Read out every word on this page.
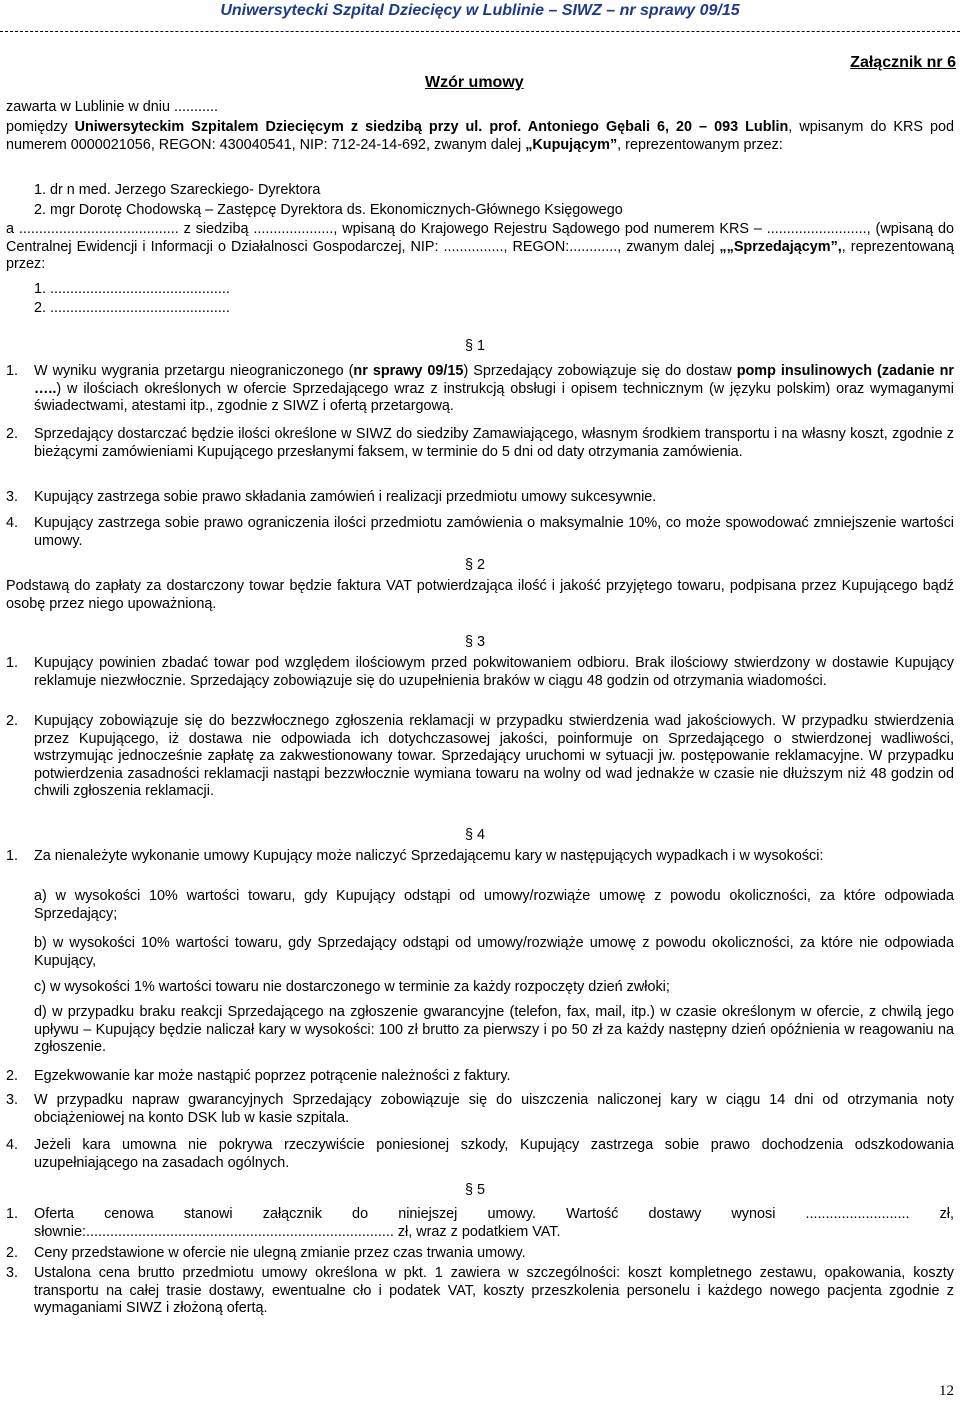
Uniwersytecki Szpital Dziecięcy w Lublinie – SIWZ – nr sprawy 09/15
Załącznik nr 6
Wzór umowy

zawarta w Lublinie w dniu ...........

pomiędzy Uniwersyteckim Szpitalem Dziecięcym z siedzibą przy ul. prof. Antoniego Gębali 6, 20 – 093 Lublin, wpisanym do KRS pod numerem 0000021056, REGON: 430040541, NIP: 712-24-14-692, zwanym dalej „Kupującym”, reprezentowanym przez:

1. dr n med. Jerzego Szareckiego- Dyrektora

2. mgr Dorotę Chodowską – Zastępcę Dyrektora ds. Ekonomicznych-Głównego Księgowego

a ........................................ z siedzibą ...................., wpisaną do Krajowego Rejestru Sądowego pod numerem KRS – ........................., (wpisaną do Centralnej Ewidencji i Informacji o Działalnosci Gospodarczej, NIP: ..............., REGON:............, zwanym dalej „„Sprzedającym”,, reprezentowaną przez:

1. .............................................

2. .............................................

§ 1
1. W wyniku wygrania przetargu nieograniczonego (nr sprawy 09/15) Sprzedający zobowiązuje się do dostaw pomp insulinowych (zadanie nr …..) w ilościach określonych w ofercie Sprzedającego wraz z instrukcją obsługi i opisem technicznym (w języku polskim) oraz wymaganymi świadectwami, atestami itp., zgodnie z SIWZ i ofertą przetargową.

2. Sprzedający dostarczać będzie ilości określone w SIWZ do siedziby Zamawiającego, własnym środkiem transportu i na własny koszt, zgodnie z bieżącymi zamówieniami Kupującego przesłanymi faksem, w terminie do 5 dni od daty otrzymania zamówienia.

3. Kupujący zastrzega sobie prawo składania zamówień i realizacji przedmiotu umowy sukcesywnie.

4. Kupujący zastrzega sobie prawo ograniczenia ilości przedmiotu zamówienia o maksymalnie 10%, co może spowodować zmniejszenie wartości umowy.

§ 2

Podstawą do zapłaty za dostarczony towar będzie faktura VAT potwierdzająca ilość i jakość przyjętego towaru, podpisana przez Kupującego bądź osobę przez niego upoważnioną.

§ 3
1. Kupujący powinien zbadać towar pod względem ilościowym przed pokwitowaniem odbioru. Brak ilościowy stwierdzony w dostawie Kupujący reklamuje niezwłocznie. Sprzedający zobowiązuje się do uzupełnienia braków w ciągu 48 godzin od otrzymania wiadomości.

2. Kupujący zobowiązuje się do bezzwłocznego zgłoszenia reklamacji w przypadku stwierdzenia wad jakościowych. W przypadku stwierdzenia przez Kupującego, iż dostawa nie odpowiada ich dotychczasowej jakości, poinformuje on Sprzedającego o stwierdzonej wadliwości, wstrzymując jednocześnie zapłatę za zakwestionowany towar. Sprzedający uruchomi w sytuacji jw. postępowanie reklamacyjne. W przypadku potwierdzenia zasadności reklamacji nastąpi bezzwłocznie wymiana towaru na wolny od wad jednakże w czasie nie dłuższym niż 48 godzin od chwili zgłoszenia reklamacji.

§ 4
1. Za nienależyte wykonanie umowy Kupujący może naliczyć Sprzedającemu kary w następujących wypadkach i w wysokości:

a) w wysokości 10% wartości towaru, gdy Kupujący odstąpi od umowy/rozwiąże umowę z powodu okoliczności, za które odpowiada Sprzedający;

b) w wysokości 10% wartości towaru, gdy Sprzedający odstąpi od umowy/rozwiąże umowę z powodu okoliczności, za które nie odpowiada Kupujący,

c) w wysokości 1% wartości towaru nie dostarczonego w terminie za każdy rozpoczęty dzień zwłoki;

d) w przypadku braku reakcji Sprzedającego na zgłoszenie gwarancyjne (telefon, fax, mail, itp.) w czasie określonym w ofercie, z chwilą jego upływu – Kupujący będzie naliczał kary w wysokości: 100 zł brutto za pierwszy i po 50 zł za każdy następny dzień opóźnienia w reagowaniu na zgłoszenie.

2. Egzekwowanie kar może nastąpić poprzez potrącenie należności z faktury.

3. W przypadku napraw gwarancyjnych Sprzedający zobowiązuje się do uiszczenia naliczonej kary w ciągu 14 dni od otrzymania noty obciążeniowej na konto DSK lub w kasie szpitala.

4. Jeżeli kara umowna nie pokrywa rzeczywiście poniesionej szkody, Kupujący zastrzega sobie prawo dochodzenia odszkodowania uzupełniającego na zasadach ogólnych.

§ 5
1. Oferta cenowa stanowi załącznik do niniejszej umowy. Wartość dostawy wynosi .......................... zł, słownie:............................................................................. zł, wraz z podatkiem VAT.

2. Ceny przedstawione w ofercie nie ulegną zmianie przez czas trwania umowy.

3. Ustalona cena brutto przedmiotu umowy określona w pkt. 1 zawiera w szczególności: koszt kompletnego zestawu, opakowania, koszty transportu na całej trasie dostawy, ewentualne cło i podatek VAT, koszty przeszkolenia personelu i każdego nowego pacjenta zgodnie z wymaganiami SIWZ i złożoną ofertą.

12
